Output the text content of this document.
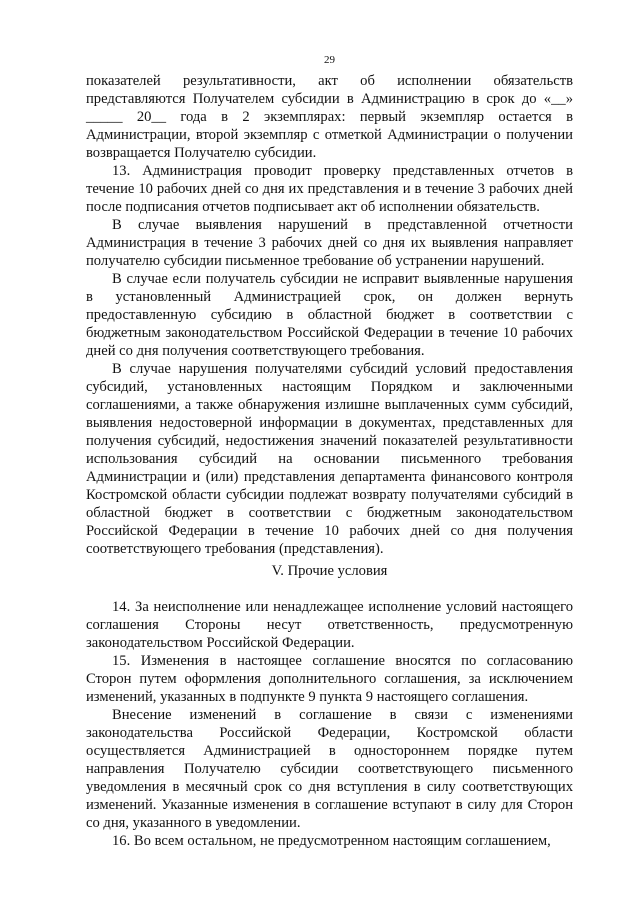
29

показателей результативности, акт об исполнении обязательств представляются Получателем субсидии в Администрацию в срок до «__» _____ 20__ года в 2 экземплярах: первый экземпляр остается в Администрации, второй экземпляр с отметкой Администрации о получении возвращается Получателю субсидии.

13. Администрация проводит проверку представленных отчетов в течение 10 рабочих дней со дня их представления и в течение 3 рабочих дней после подписания отчетов подписывает акт об исполнении обязательств.

В случае выявления нарушений в представленной отчетности Администрация в течение 3 рабочих дней со дня их выявления направляет получателю субсидии письменное требование об устранении нарушений.

В случае если получатель субсидии не исправит выявленные нарушения в установленный Администрацией срок, он должен вернуть предоставленную субсидию в областной бюджет в соответствии с бюджетным законодательством Российской Федерации в течение 10 рабочих дней со дня получения соответствующего требования.

В случае нарушения получателями субсидий условий предоставления субсидий, установленных настоящим Порядком и заключенными соглашениями, а также обнаружения излишне выплаченных сумм субсидий, выявления недостоверной информации в документах, представленных для получения субсидий, недостижения значений показателей результативности использования субсидий на основании письменного требования Администрации и (или) представления департамента финансового контроля Костромской области субсидии подлежат возврату получателями субсидий в областной бюджет в соответствии с бюджетным законодательством Российской Федерации в течение 10 рабочих дней со дня получения соответствующего требования (представления).

V. Прочие условия

14. За неисполнение или ненадлежащее исполнение условий настоящего соглашения Стороны несут ответственность, предусмотренную законодательством Российской Федерации.

15. Изменения в настоящее соглашение вносятся по согласованию Сторон путем оформления дополнительного соглашения, за исключением изменений, указанных в подпункте 9 пункта 9 настоящего соглашения.

Внесение изменений в соглашение в связи с изменениями законодательства Российской Федерации, Костромской области осуществляется Администрацией в одностороннем порядке путем направления Получателю субсидии соответствующего письменного уведомления в месячный срок со дня вступления в силу соответствующих изменений. Указанные изменения в соглашение вступают в силу для Сторон со дня, указанного в уведомлении.

16. Во всем остальном, не предусмотренном настоящим соглашением,
